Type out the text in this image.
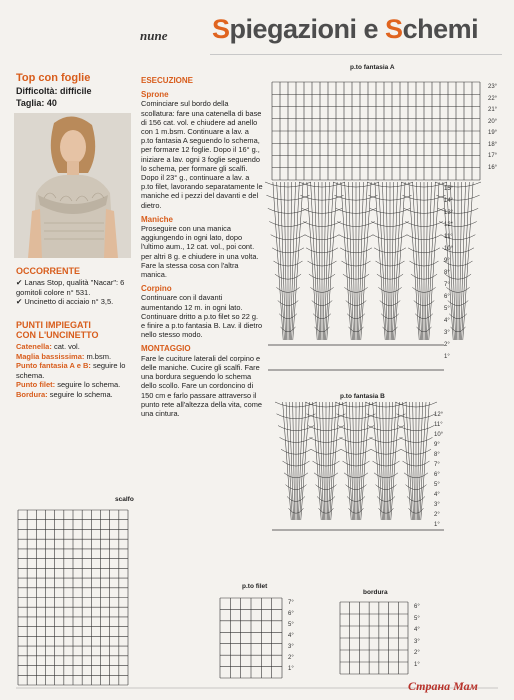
nune Spiegazioni e Schemi
Top con foglie
Difficoltà: difficile
Taglia: 40
OCCORRENTE
✔ Lanas Stop, qualità "Nacar": 6 gomitoli colore n° 531.
✔ Uncinetto di acciaio n° 3,5.
PUNTI IMPIEGATI
CON L'UNCINETTO
Catenella: cat. vol.
Maglia bassissima: m.bsm.
Punto fantasia A e B: seguire lo schema.
Punto filet: seguire lo schema.
Bordura: seguire lo schema.
ESECUZIONE
Sprone

Cominciare sul bordo della scollatura: fare una catenella di base di 156 cat. vol. e chiudere ad anello con 1 m.bsm. Continuare a lav. a p.to fantasia A seguendo lo schema, per formare 12 foglie. Dopo il 16° g., iniziare a lav. ogni 3 foglie seguendo lo schema, per formare gli scalfi. Dopo il 23° g., continuare a lav. a p.to filet, lavorando separatamente le maniche ed i pezzi del davanti e del dietro.

Maniche

Proseguire con una manica aggiungendo in ogni lato, dopo l'ultimo aum., 12 cat. vol., poi cont. per altri 8 g. e chiudere in una volta. Fare la stessa cosa con l'altra manica.

Corpino

Continuare con il davanti aumentando 12 m. in ogni lato. Continuare dritto a p.to filet so 22 g. e finire a p.to fantasia B. Lav. il dietro nello stesso modo.

MONTAGGIO

Fare le cuciture laterali del corpino e delle maniche. Cucire gli scalfi. Fare una bordura seguendo lo schema dello scollo. Fare un cordoncino di 150 cm e farlo passare attraverso il punto rete all'altezza della vita, come una cintura.

p.to fantasia A
p.to fantasia B
scalfo
p.to filet
bordura
23°
22°
21°
20°
19°
18°
17°
16°
15°
14°
13°
12°
11°
10°
9°
8°
7°
6°
5°
4°
3°
2°
1°
12°
11°
10°
9°
8°
7°
6°
5°
4°
3°
2°
1°
7°
6°
5°
4°
3°
2°
1°
6°
5°
4°
3°
2°
1°
Страна Мам
